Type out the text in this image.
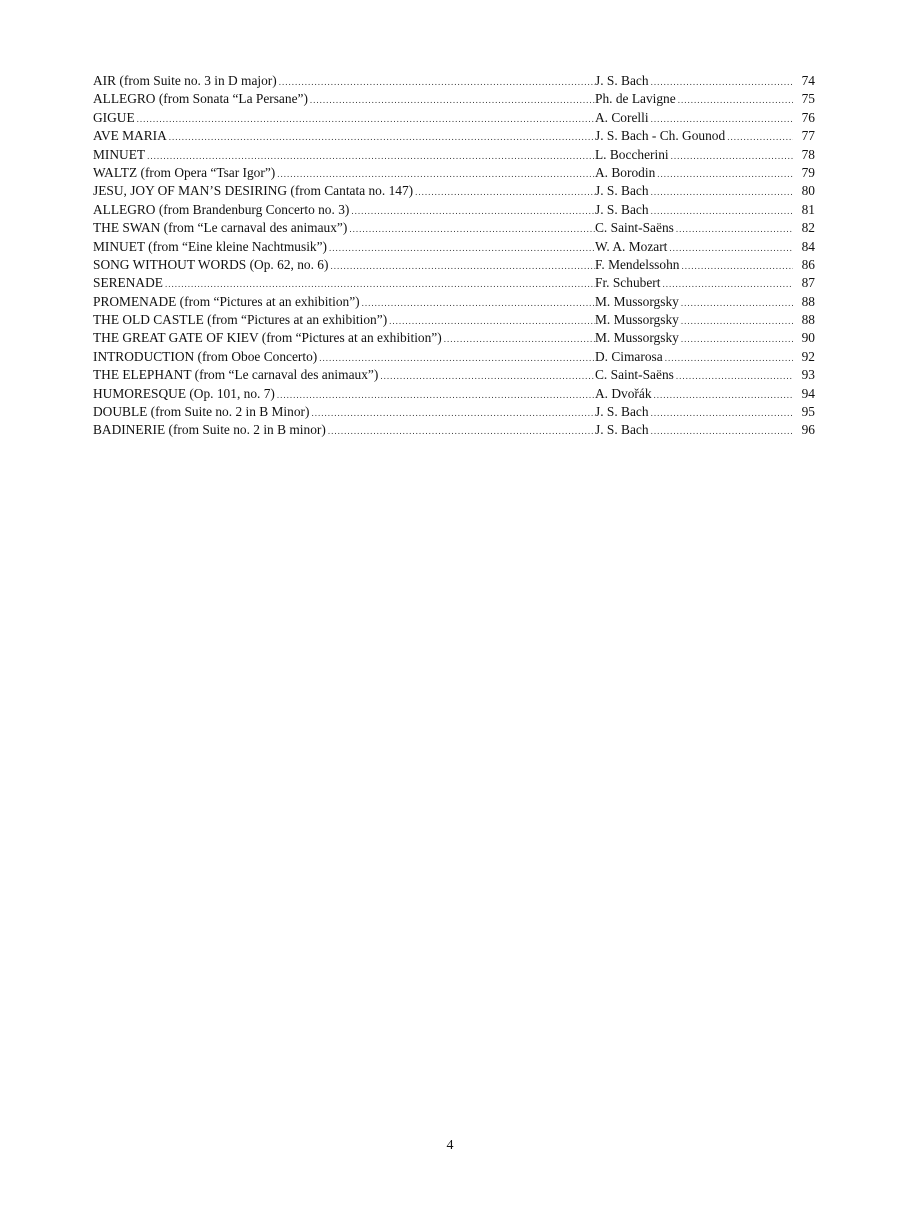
AIR (from Suite no. 3 in D major) .....	J. S. Bach .....	74
ALLEGRO (from Sonata “La Persane”) .....	Ph. de Lavigne .....	75
GIGUE .....	A. Corelli .....	76
AVE MARIA .....	J. S. Bach - Ch. Gounod .....	77
MINUET .....	L. Boccherini .....	78
WALTZ (from Opera “Tsar Igor”) .....	A. Borodin .....	79
JESU, JOY OF MAN’S DESIRING (from Cantata no. 147) .....	J. S. Bach .....	80
ALLEGRO (from Brandenburg Concerto no. 3) .....	J. S. Bach .....	81
THE SWAN (from “Le carnaval des animaux”) .....	C. Saint-Saëns .....	82
MINUET (from “Eine kleine Nachtmusik”) .....	W. A. Mozart .....	84
SONG WITHOUT WORDS (Op. 62, no. 6) .....	F. Mendelssohn .....	86
SERENADE .....	Fr. Schubert .....	87
PROMENADE (from “Pictures at an exhibition”) .....	M. Mussorgsky .....	88
THE OLD CASTLE (from “Pictures at an exhibition”) .....	M. Mussorgsky .....	88
THE GREAT GATE OF KIEV (from “Pictures at an exhibition”) .....	M. Mussorgsky .....	90
INTRODUCTION (from Oboe Concerto) .....	D. Cimarosa .....	92
THE ELEPHANT (from “Le carnaval des animaux”) .....	C. Saint-Saëns .....	93
HUMORESQUE (Op. 101, no. 7) .....	A. Dvořák .....	94
DOUBLE (from Suite no. 2 in B Minor) .....	J. S. Bach .....	95
BADINERIE (from Suite no. 2 in B minor) .....	J. S. Bach .....	96
4
